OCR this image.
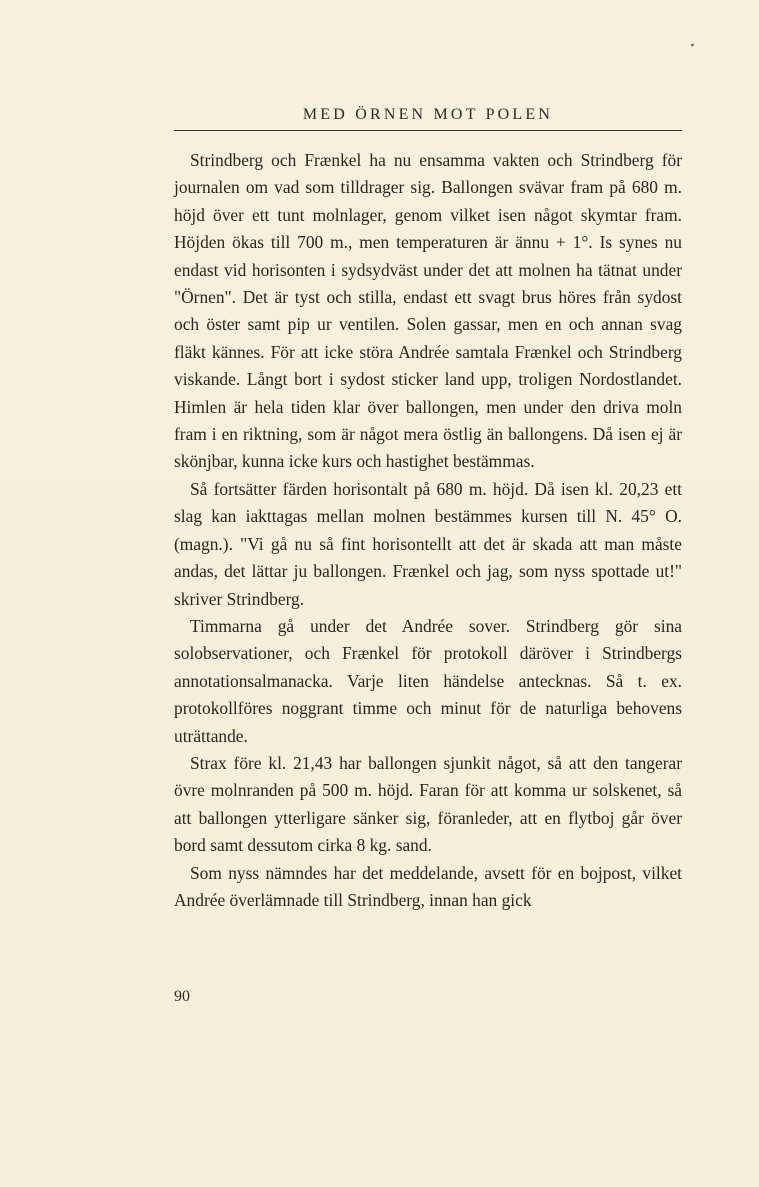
MED ÖRNEN MOT POLEN

Strindberg och Frænkel ha nu ensamma vakten och Strindberg för journalen om vad som tilldrager sig. Ballongen svävar fram på 680 m. höjd över ett tunt molnlager, genom vilket isen något skymtar fram. Höjden ökas till 700 m., men temperaturen är ännu + 1°. Is synes nu endast vid horisonten i sydsydväst under det att molnen ha tätnat under "Örnen". Det är tyst och stilla, endast ett svagt brus höres från sydost och öster samt pip ur ventilen. Solen gassar, men en och annan svag fläkt kännes. För att icke störa Andrée samtala Frænkel och Strindberg viskande. Långt bort i sydost sticker land upp, troligen Nordostlandet. Himlen är hela tiden klar över ballongen, men under den driva moln fram i en riktning, som är något mera östlig än ballongens. Då isen ej är skönjbar, kunna icke kurs och hastighet bestämmas.

Så fortsätter färden horisontalt på 680 m. höjd. Då isen kl. 20,23 ett slag kan iakttagas mellan molnen bestämmes kursen till N. 45° O. (magn.). "Vi gå nu så fint horisontellt att det är skada att man måste andas, det lättar ju ballongen. Frænkel och jag, som nyss spottade ut!" skriver Strindberg.

Timmarna gå under det Andrée sover. Strindberg gör sina solobservationer, och Frænkel för protokoll däröver i Strindbergs annotationsalmanacka. Varje liten händelse antecknas. Så t. ex. protokollföres noggrant timme och minut för de naturliga behovens uträttande.

Strax före kl. 21,43 har ballongen sjunkit något, så att den tangerar övre molnranden på 500 m. höjd. Faran för att komma ur solskenet, så att ballongen ytterligare sänker sig, föranleder, att en flytboj går över bord samt dessutom cirka 8 kg. sand.

Som nyss nämndes har det meddelande, avsett för en bojpost, vilket Andrée överlämnade till Strindberg, innan han gick

90
